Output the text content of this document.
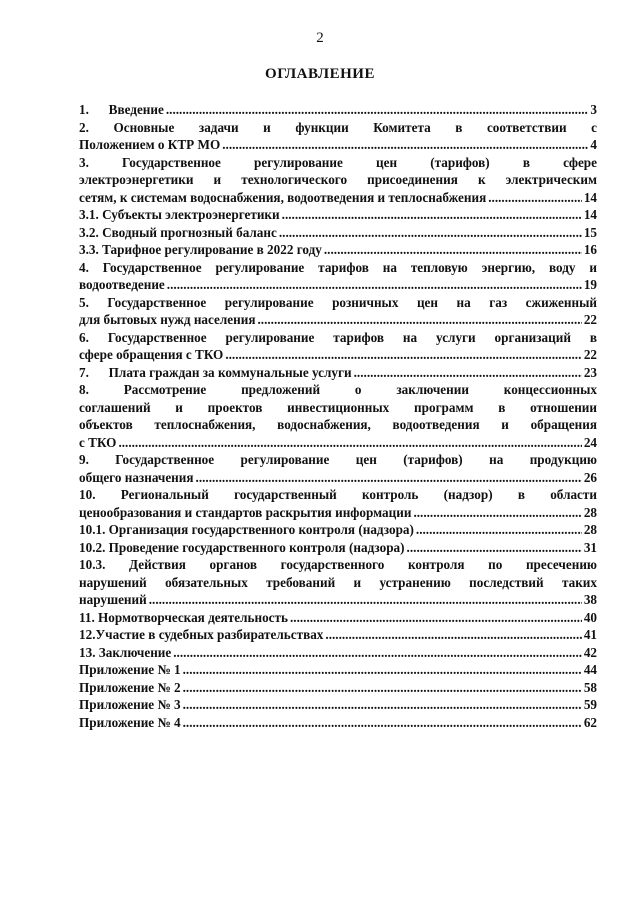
2
ОГЛАВЛЕНИЕ
1.      Введение .....	3
2. Основные задачи и функции Комитета в соответствии с
Положением о КТР МО .....	4
3. Государственное регулирование цен (тарифов) в сфере
электроэнергетики и технологического присоединения к электрическим
сетям, к системам водоснабжения, водоотведения и теплоснабжения .....	14
3.1. Субъекты электроэнергетики .....	14
3.2. Сводный прогнозный баланс .....	15
3.3. Тарифное регулирование в 2022 году .....	16
4. Государственное регулирование тарифов на тепловую энергию, воду и
водоотведение .....	19
5. Государственное регулирование розничных цен на газ сжиженный
для бытовых нужд населения .....	22
6. Государственное регулирование тарифов на услуги организаций в
сфере обращения с ТКО .....	22
7.      Плата граждан за коммунальные услуги .....	23
8. Рассмотрение предложений о заключении концессионных
соглашений и проектов инвестиционных программ в отношении
объектов теплоснабжения, водоснабжения, водоотведения и обращения
с ТКО .....	24
9. Государственное регулирование цен (тарифов) на продукцию
общего назначения .....	26
10. Региональный государственный контроль (надзор) в области
ценообразования и стандартов раскрытия информации .....	28
10.1. Организация государственного контроля (надзора) .....	28
10.2. Проведение государственного контроля (надзора) .....	31
10.3. Действия органов государственного контроля по пресечению
нарушений обязательных требований и устранению последствий таких
нарушений .....	38
11. Нормотворческая деятельность .....	40
12.Участие в судебных разбирательствах .....	41
13. Заключение .....	42
Приложение № 1 .....	44
Приложение № 2 .....	58
Приложение № 3 .....	59
Приложение № 4 .....	62
